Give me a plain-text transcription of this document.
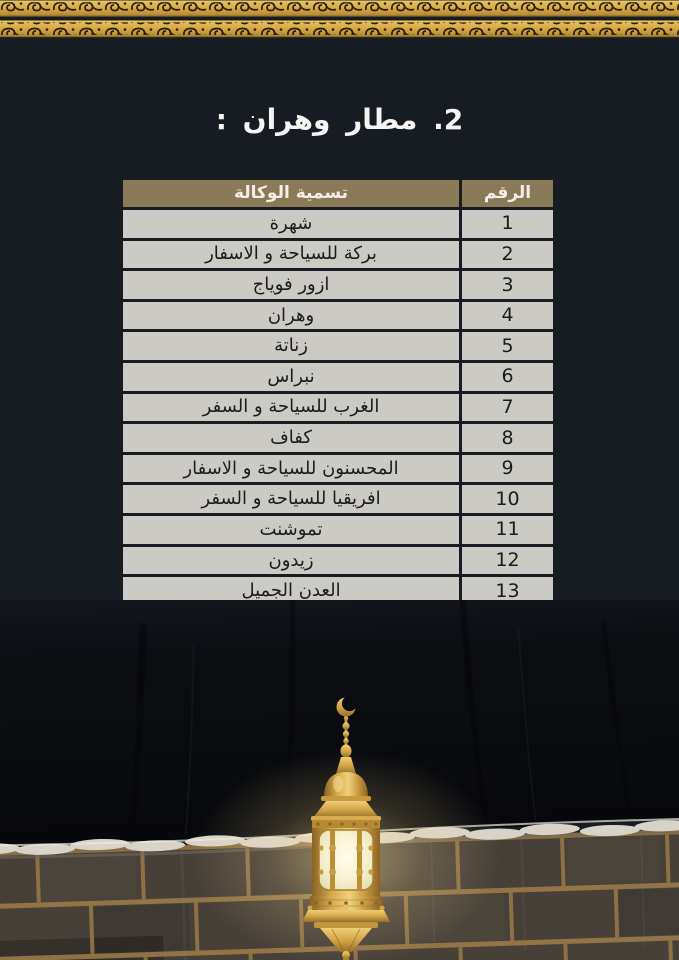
2. مطار وهران :
الرقم
تسمية الوكالة
1
شهرة
2
بركة للسياحة و الاسفار
3
ازور فوياج
4
وهران
5
زناتة
6
نبراس
7
الغرب للسياحة و السفر
8
كفاف
9
المحسنون للسياحة و الاسفار
10
افريقيا للسياحة و السفر
11
تموشنت
12
زيدون
13
العدن الجميل
